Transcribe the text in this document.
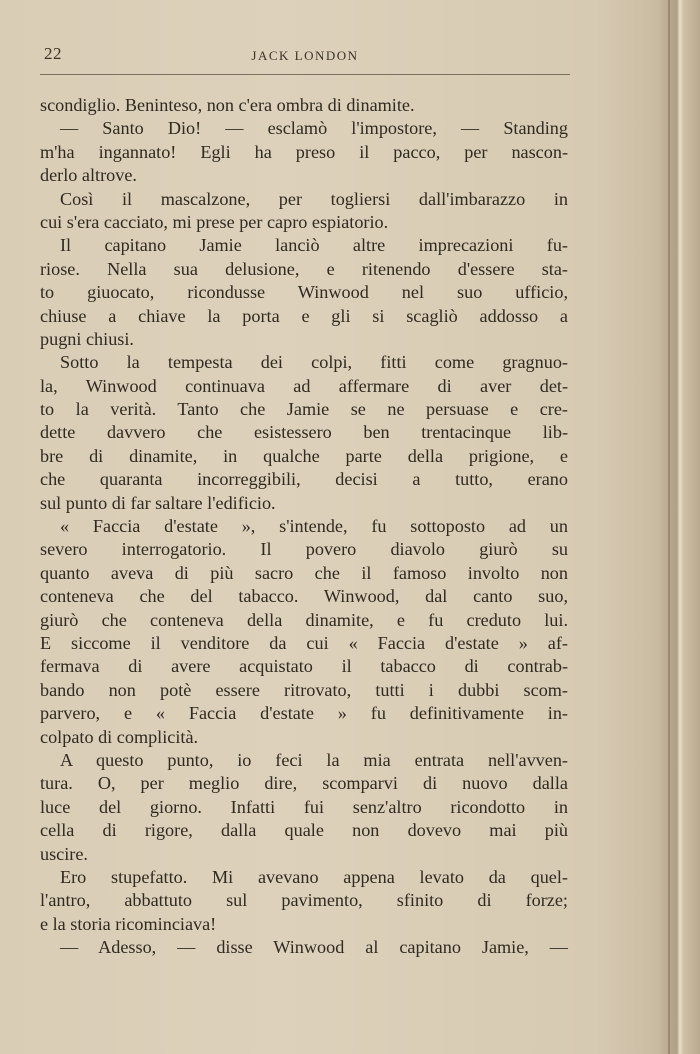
22	JACK LONDON
scondiglio. Beninteso, non c'era ombra di dinamite.
— Santo Dio! — esclamò l'impostore, — Standing
m'ha ingannato! Egli ha preso il pacco, per nascon-
derlo altrove.
Così il mascalzone, per togliersi dall'imbarazzo in
cui s'era cacciato, mi prese per capro espiatorio.
Il capitano Jamie lanciò altre imprecazioni fu-
riose. Nella sua delusione, e ritenendo d'essere sta-
to giuocato, ricondusse Winwood nel suo ufficio,
chiuse a chiave la porta e gli si scagliò addosso a
pugni chiusi.
Sotto la tempesta dei colpi, fitti come gragnuo-
la, Winwood continuava ad affermare di aver det-
to la verità. Tanto che Jamie se ne persuase e cre-
dette davvero che esistessero ben trentacinque lib-
bre di dinamite, in qualche parte della prigione, e
che quaranta incorreggibili, decisi a tutto, erano
sul punto di far saltare l'edificio.
« Faccia d'estate », s'intende, fu sottoposto ad un
severo interrogatorio. Il povero diavolo giurò su
quanto aveva di più sacro che il famoso involto non
conteneva che del tabacco. Winwood, dal canto suo,
giurò che conteneva della dinamite, e fu creduto lui.
E siccome il venditore da cui « Faccia d'estate » af-
fermava di avere acquistato il tabacco di contrab-
bando non potè essere ritrovato, tutti i dubbi scom-
parvero, e « Faccia d'estate » fu definitivamente in-
colpato di complicità.
A questo punto, io feci la mia entrata nell'avven-
tura. O, per meglio dire, scomparvi di nuovo dalla
luce del giorno. Infatti fui senz'altro ricondotto in
cella di rigore, dalla quale non dovevo mai più
uscire.
Ero stupefatto. Mi avevano appena levato da quel-
l'antro, abbattuto sul pavimento, sfinito di forze;
e la storia ricominciava!
— Adesso, — disse Winwood al capitano Jamie, —
